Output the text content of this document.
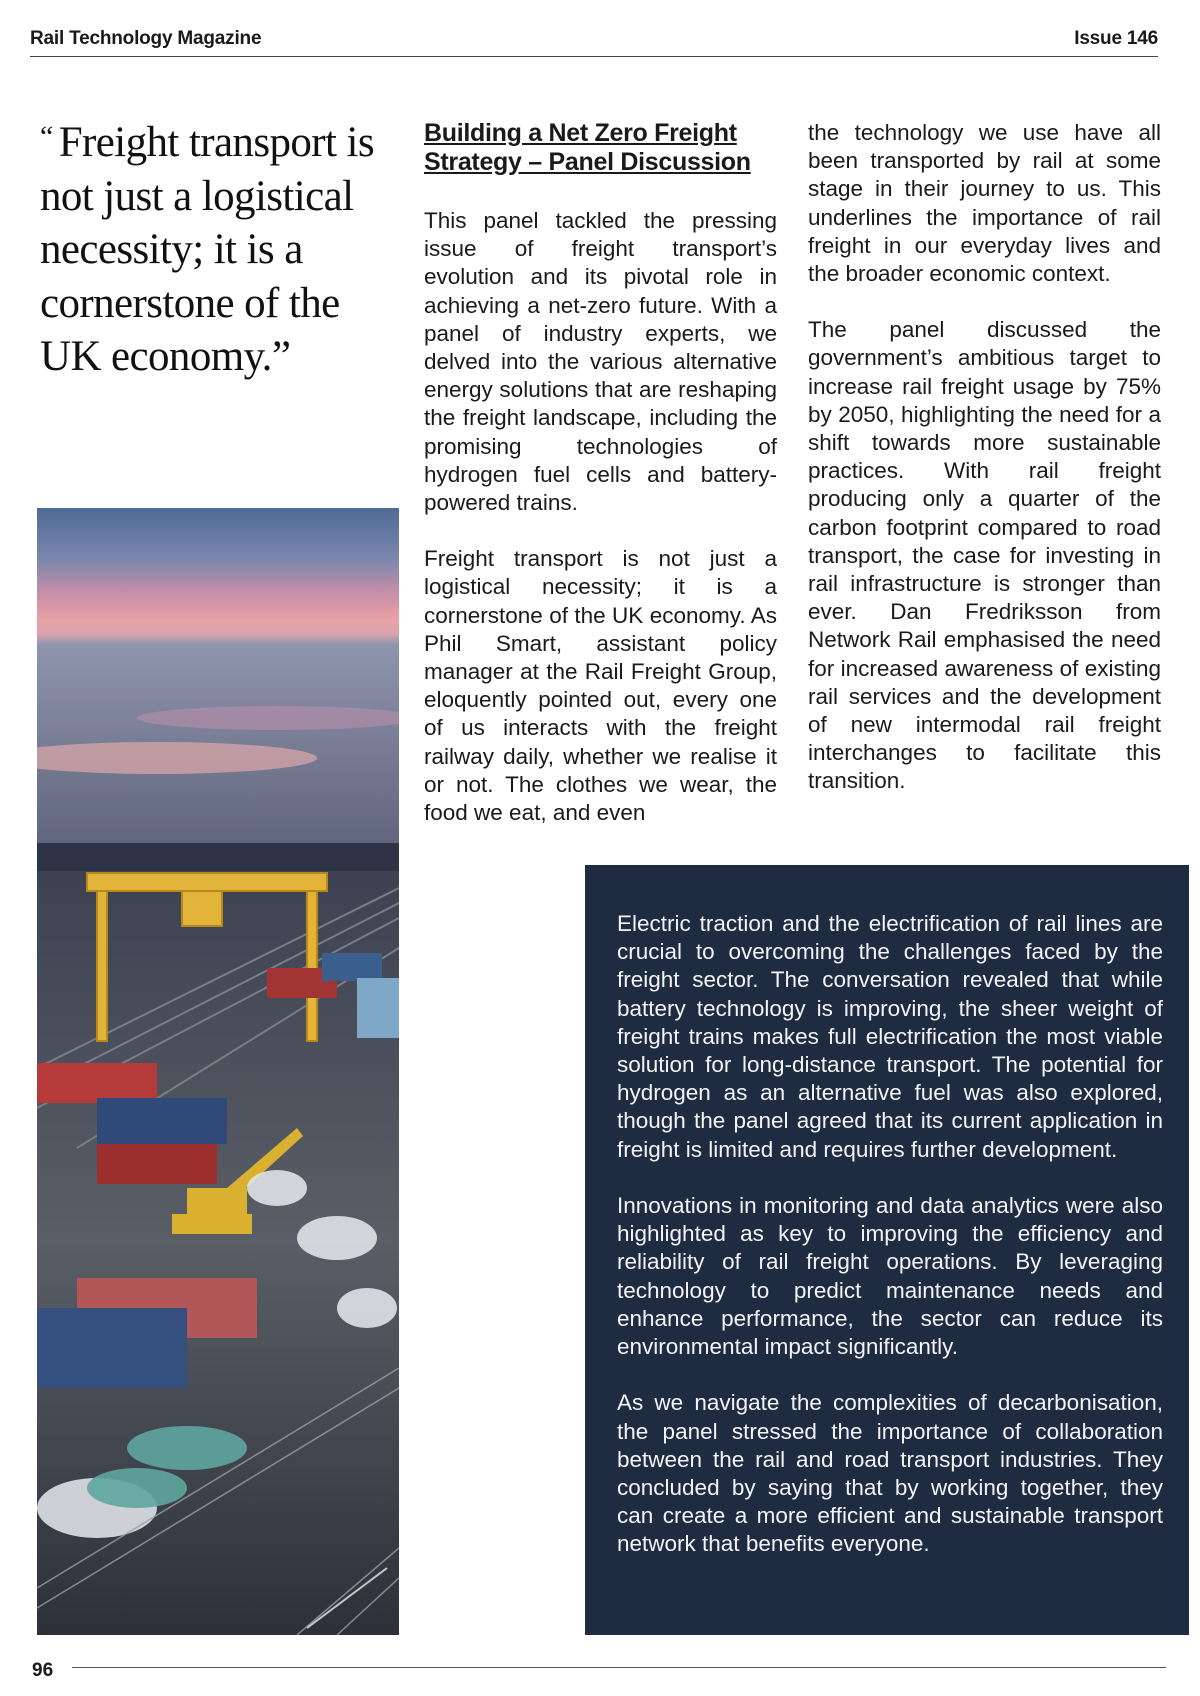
Rail Technology Magazine	Issue 146
“ Freight transport is not just a logistical necessity; it is a cornerstone of the UK economy.”
Building a Net Zero Freight Strategy – Panel Discussion

This panel tackled the pressing issue of freight transport’s evolution and its pivotal role in achieving a net-zero future. With a panel of industry experts, we delved into the various alternative energy solutions that are reshaping the freight landscape, including the promising technologies of hydrogen fuel cells and battery-powered trains.

Freight transport is not just a logistical necessity; it is a cornerstone of the UK economy. As Phil Smart, assistant policy manager at the Rail Freight Group, eloquently pointed out, every one of us interacts with the freight railway daily, whether we realise it or not. The clothes we wear, the food we eat, and even

the technology we use have all been transported by rail at some stage in their journey to us. This underlines the importance of rail freight in our everyday lives and the broader economic context.

The panel discussed the government’s ambitious target to increase rail freight usage by 75% by 2050, highlighting the need for a shift towards more sustainable practices. With rail freight producing only a quarter of the carbon footprint compared to road transport, the case for investing in rail infrastructure is stronger than ever. Dan Fredriksson from Network Rail emphasised the need for increased awareness of existing rail services and the development of new intermodal rail freight interchanges to facilitate this transition.

Electric traction and the electrification of rail lines are crucial to overcoming the challenges faced by the freight sector. The conversation revealed that while battery technology is improving, the sheer weight of freight trains makes full electrification the most viable solution for long-distance transport. The potential for hydrogen as an alternative fuel was also explored, though the panel agreed that its current application in freight is limited and requires further development.

Innovations in monitoring and data analytics were also highlighted as key to improving the efficiency and reliability of rail freight operations. By leveraging technology to predict maintenance needs and enhance performance, the sector can reduce its environmental impact significantly.

As we navigate the complexities of decarbonisation, the panel stressed the importance of collaboration between the rail and road transport industries. They concluded by saying that by working together, they can create a more efficient and sustainable transport network that benefits everyone.

96
